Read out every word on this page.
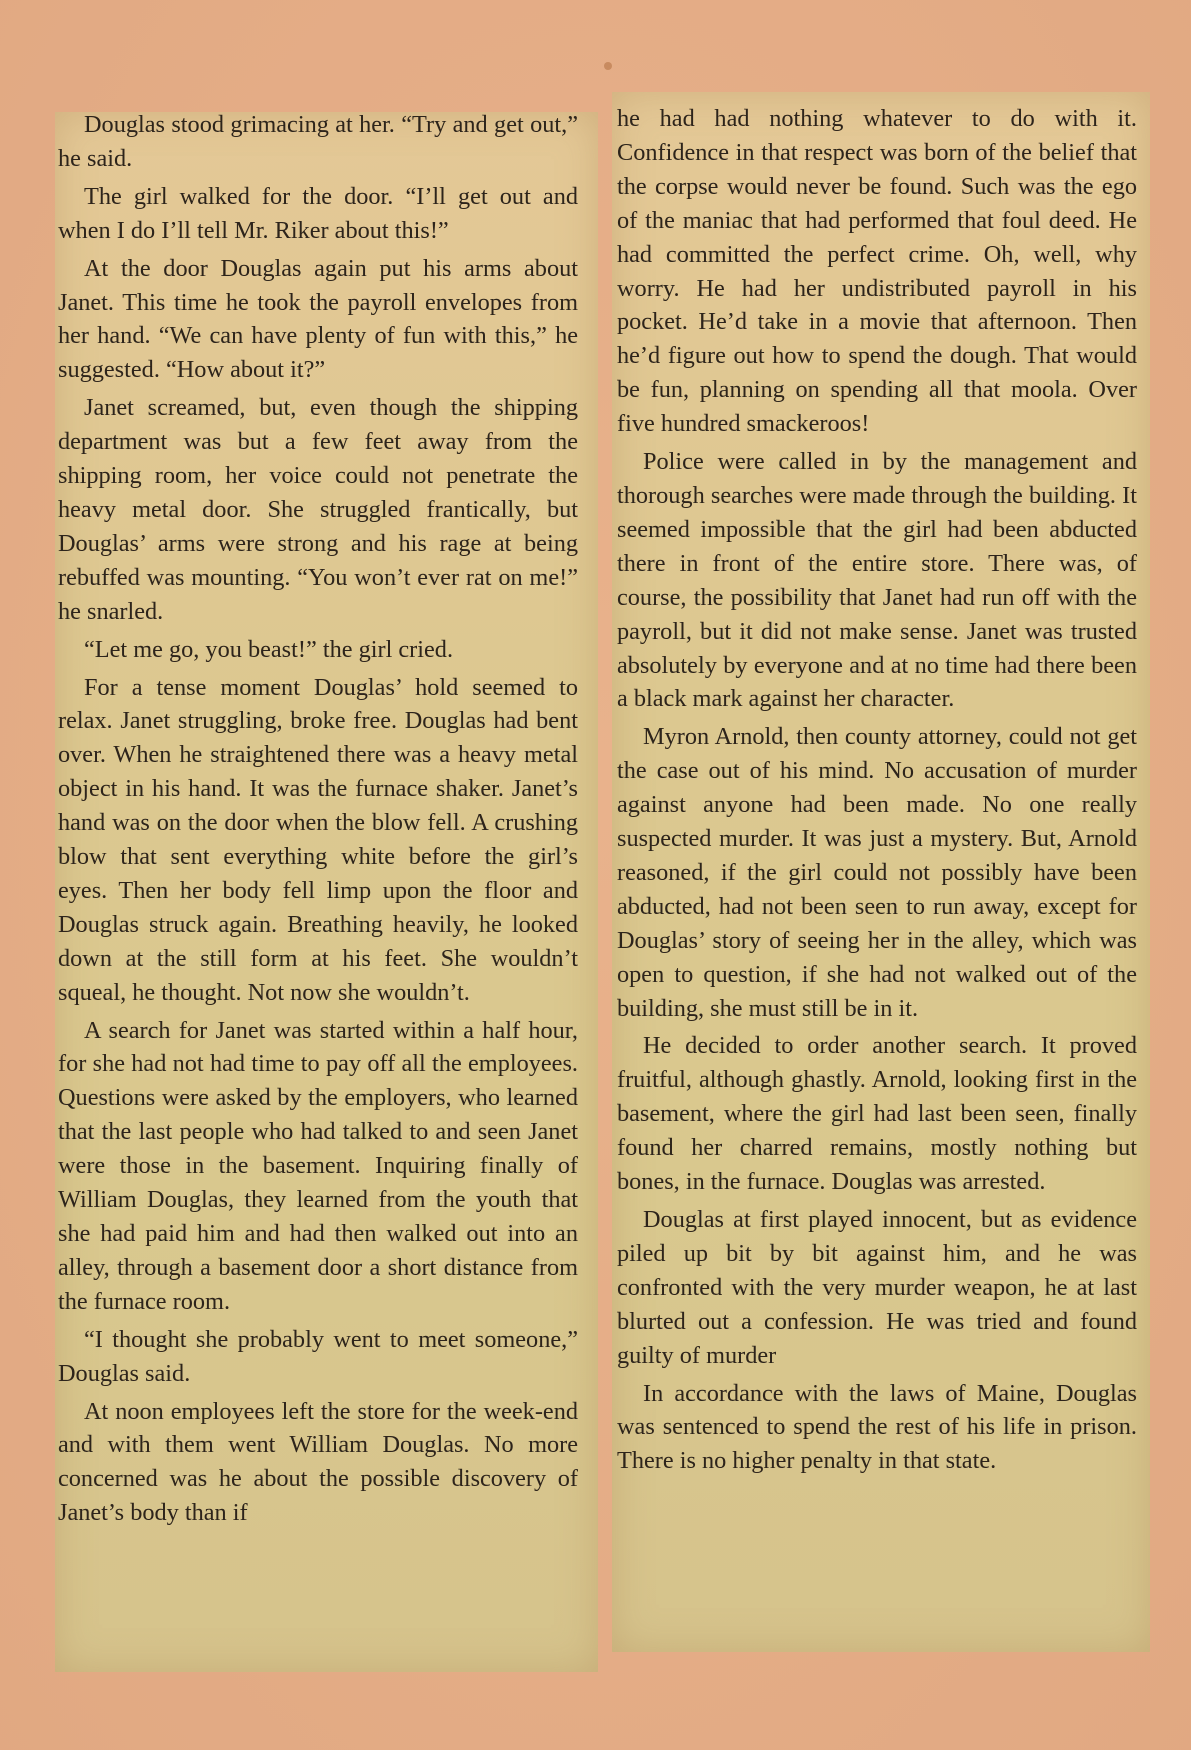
Douglas stood grimacing at her. “Try and get out,” he said.

The girl walked for the door. “I’ll get out and when I do I’ll tell Mr. Riker about this!”

At the door Douglas again put his arms about Janet. This time he took the payroll envelopes from her hand. “We can have plenty of fun with this,” he suggested. “How about it?”

Janet screamed, but, even though the shipping department was but a few feet away from the shipping room, her voice could not penetrate the heavy metal door. She struggled frantically, but Douglas’ arms were strong and his rage at being rebuffed was mounting. “You won’t ever rat on me!” he snarled.

“Let me go, you beast!” the girl cried.

For a tense moment Douglas’ hold seemed to relax. Janet struggling, broke free. Douglas had bent over. When he straightened there was a heavy metal object in his hand. It was the furnace shaker. Janet’s hand was on the door when the blow fell. A crushing blow that sent everything white before the girl’s eyes. Then her body fell limp upon the floor and Douglas struck again. Breathing heavily, he looked down at the still form at his feet. She wouldn’t squeal, he thought. Not now she wouldn’t.

A search for Janet was started within a half hour, for she had not had time to pay off all the employees. Questions were asked by the employers, who learned that the last people who had talked to and seen Janet were those in the basement. Inquiring finally of William Douglas, they learned from the youth that she had paid him and had then walked out into an alley, through a basement door a short distance from the furnace room.

“I thought she probably went to meet someone,” Douglas said.

At noon employees left the store for the week-end and with them went William Douglas. No more concerned was he about the possible discovery of Janet’s body than if

he had had nothing whatever to do with it. Confidence in that respect was born of the belief that the corpse would never be found. Such was the ego of the maniac that had performed that foul deed. He had committed the perfect crime. Oh, well, why worry. He had her undistributed payroll in his pocket. He’d take in a movie that afternoon. Then he’d figure out how to spend the dough. That would be fun, planning on spending all that moola. Over five hundred smackeroos!

Police were called in by the management and thorough searches were made through the building. It seemed impossible that the girl had been abducted there in front of the entire store. There was, of course, the possibility that Janet had run off with the payroll, but it did not make sense. Janet was trusted absolutely by everyone and at no time had there been a black mark against her character.

Myron Arnold, then county attorney, could not get the case out of his mind. No accusation of murder against anyone had been made. No one really suspected murder. It was just a mystery. But, Arnold reasoned, if the girl could not possibly have been abducted, had not been seen to run away, except for Douglas’ story of seeing her in the alley, which was open to question, if she had not walked out of the building, she must still be in it.

He decided to order another search. It proved fruitful, although ghastly. Arnold, looking first in the basement, where the girl had last been seen, finally found her charred remains, mostly nothing but bones, in the furnace. Douglas was arrested.

Douglas at first played innocent, but as evidence piled up bit by bit against him, and he was confronted with the very murder weapon, he at last blurted out a confession. He was tried and found guilty of murder

In accordance with the laws of Maine, Douglas was sentenced to spend the rest of his life in prison. There is no higher penalty in that state.
